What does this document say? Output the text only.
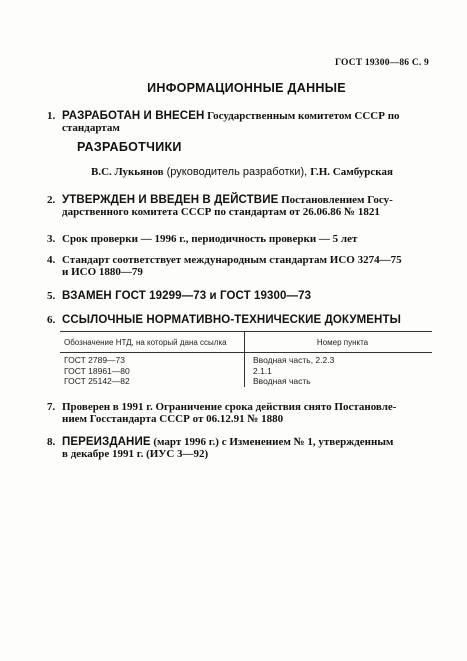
ГОСТ 19300—86 С. 9
ИНФОРМАЦИОННЫЕ ДАННЫЕ
1. РАЗРАБОТАН И ВНЕСЕН Государственным комитетом СССР по
стандартам
РАЗРАБОТЧИКИ
В.С. Лукьянов (руководитель разработки), Г.Н. Самбурская
2. УТВЕРЖДЕН И ВВЕДЕН В ДЕЙСТВИЕ Постановлением Госу-
дарственного комитета СССР по стандартам от 26.06.86 № 1821
3. Срок проверки — 1996 г., периодичность проверки — 5 лет
4. Стандарт соответствует международным стандартам ИСО 3274—75
и ИСО 1880—79
5. ВЗАМЕН ГОСТ 19299—73 и ГОСТ 19300—73
6. ССЫЛОЧНЫЕ НОРМАТИВНО-ТЕХНИЧЕСКИЕ ДОКУМЕНТЫ
Обозначение НТД, на который дана ссылка	Номер пункта
ГОСТ 2789—73
ГОСТ 18961—80
ГОСТ 25142—82
Вводная часть, 2.2.3
2.1.1
Вводная часть
7. Проверен в 1991 г. Ограничение срока действия снято Постановле-
нием Госстандарта СССР от 06.12.91 № 1880
8. ПЕРЕИЗДАНИЕ (март 1996 г.) с Изменением № 1, утвержденным
в декабре 1991 г. (ИУС 3—92)
